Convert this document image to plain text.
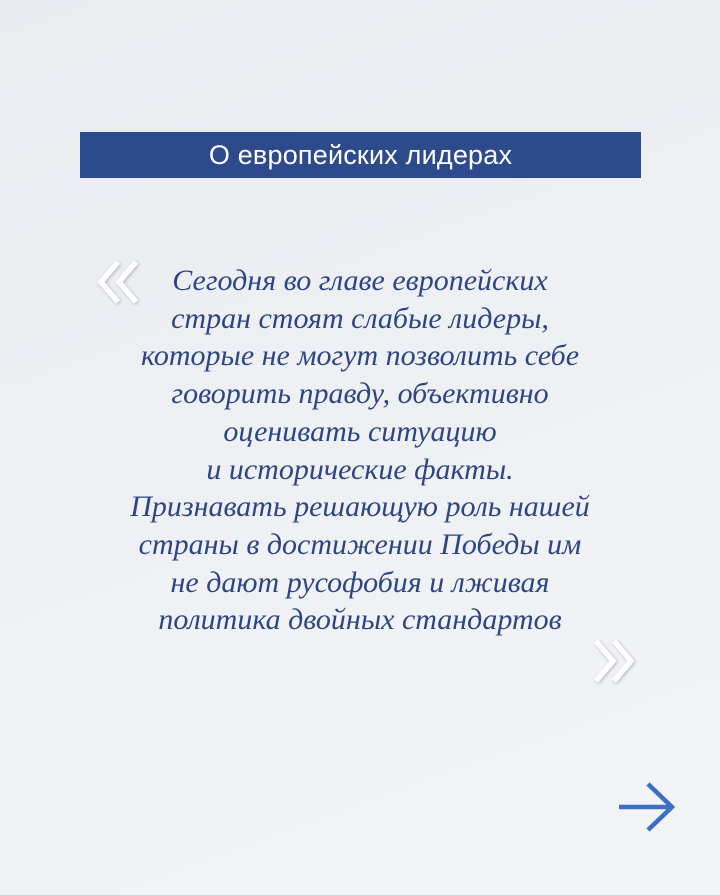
О европейских лидерах
Сегодня во главе европейских
стран стоят слабые лидеры,
которые не могут позволить себе
говорить правду, объективно
оценивать ситуацию
и исторические факты.
Признавать решающую роль нашей
страны в достижении Победы им
не дают русофобия и лживая
политика двойных стандартов
